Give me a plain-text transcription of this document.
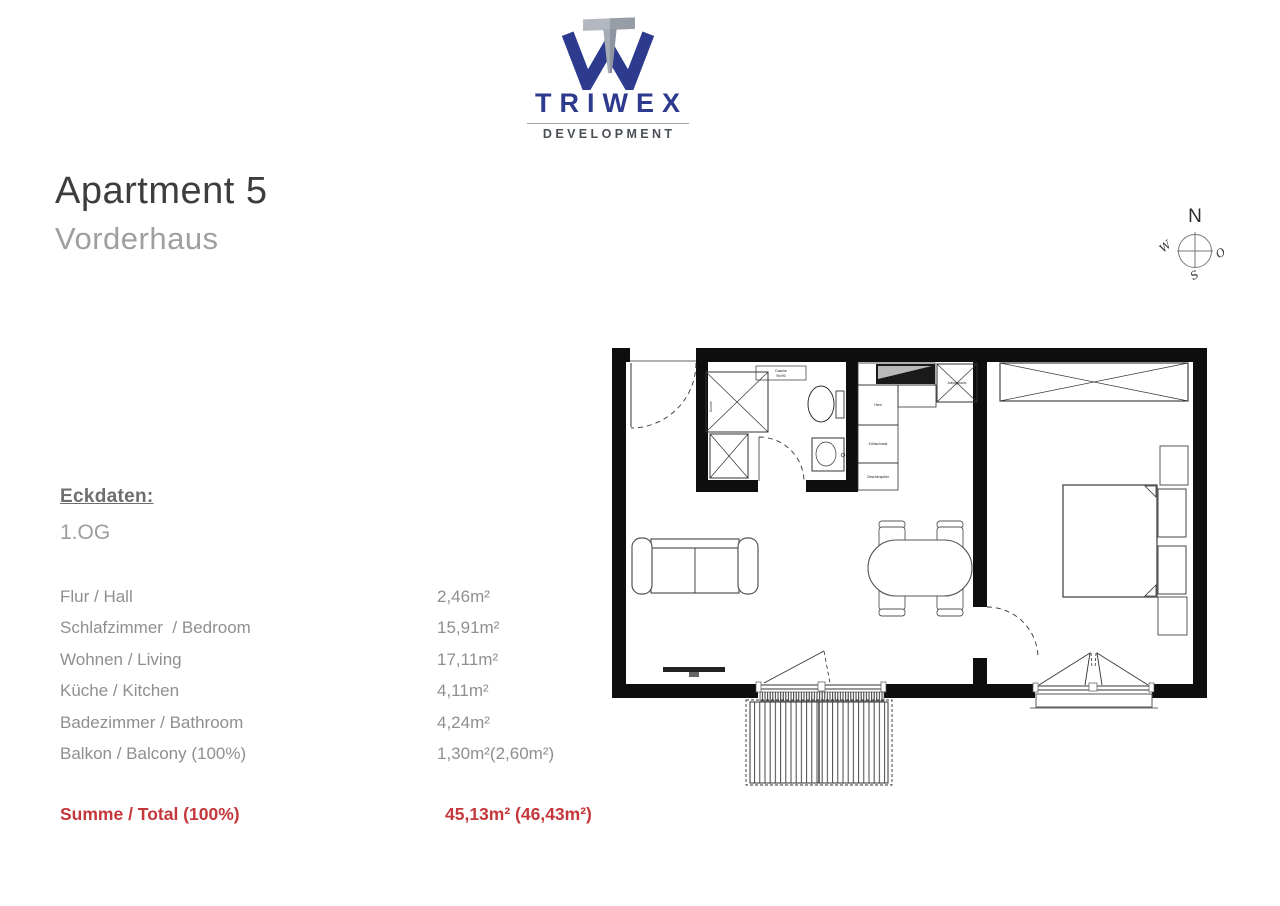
TRIWEX
DEVELOPMENT
Apartment 5
Vorderhaus
N
W	O
S
Eckdaten:
1.OG
Flur / Hall	2,46m²
Schlafzimmer  / Bedroom	15,91m²
Wohnen / Living	17,11m²
Küche / Kitchen	4,11m²
Badezimmer / Bathroom	4,24m²
Balkon / Balcony (100%)	1,30m²(2,60m²)
Summe / Total (100%)	45,13m² (46,43m²)
Dusche
Dusche
90x90
Herd
Kühlschrank
Geschirrspüler
Aufzugsraum
